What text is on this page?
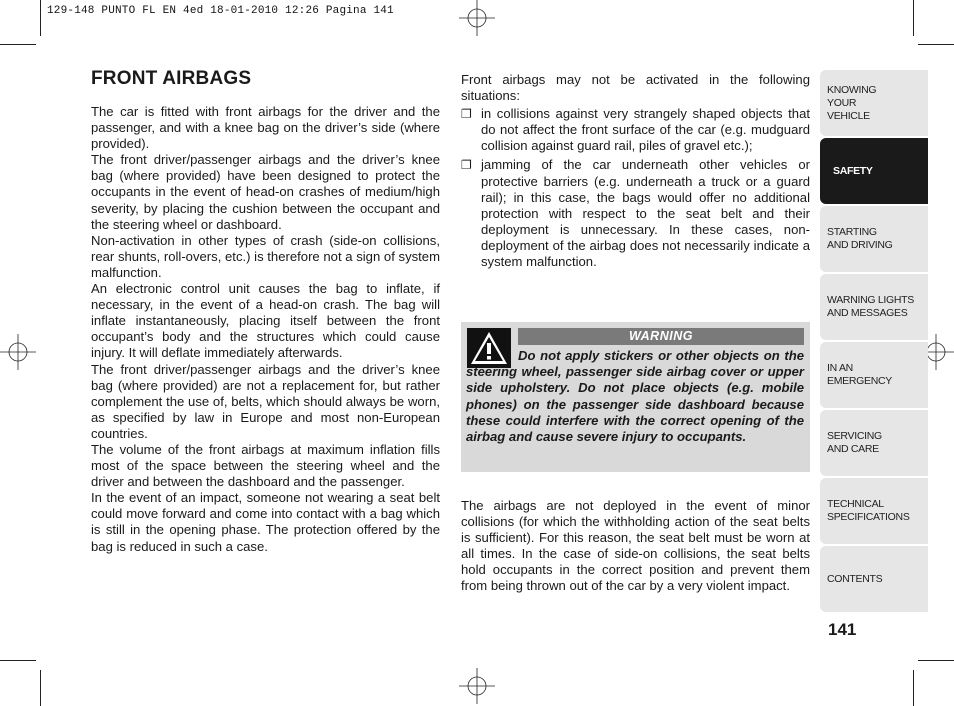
129-148 PUNTO FL EN 4ed 18-01-2010 12:26 Pagina 141
FRONT AIRBAGS

The car is fitted with front airbags for the driver and the passenger, and with a knee bag on the driver’s side (where provided).

The front driver/passenger airbags and the driver’s knee bag (where provided) have been designed to protect the occupants in the event of head-on crashes of medium/high severity, by placing the cushion between the occupant and the steering wheel or dashboard.

Non-activation in other types of crash (side-on collisions, rear shunts, roll-overs, etc.) is therefore not a sign of system malfunction.

An electronic control unit causes the bag to inflate, if necessary, in the event of a head-on crash. The bag will inflate instantaneously, placing itself between the front occupant’s body and the structures which could cause injury. It will deflate immediately afterwards.

The front driver/passenger airbags and the driver’s knee bag (where provided) are not a replacement for, but rather complement the use of, belts, which should always be worn, as specified by law in Europe and most non-European countries.

The volume of the front airbags at maximum inflation fills most of the space between the steering wheel and the driver and between the dashboard and the passenger.

In the event of an impact, someone not wearing a seat belt could move forward and come into contact with a bag which is still in the opening phase. The protection offered by the bag is reduced in such a case.

Front airbags may not be activated in the following situations:

❐ in collisions against very strangely shaped objects that do not affect the front surface of the car (e.g. mudguard collision against guard rail, piles of gravel etc.);
❐ jamming of the car underneath other vehicles or protective barriers (e.g. underneath a truck or a guard rail); in this case, the bags would offer no additional protection with respect to the seat belt and their deployment is unnecessary. In these cases, non-deployment of the airbag does not necessarily indicate a system malfunction.
WARNING
Do not apply stickers or other objects on the steering wheel, passenger side airbag cover or upper side upholstery. Do not place objects (e.g. mobile phones) on the passenger side dashboard because these could interfere with the correct opening of the airbag and cause severe injury to occupants.
The airbags are not deployed in the event of minor collisions (for which the withholding action of the seat belts is sufficient). For this reason, the seat belt must be worn at all times. In the case of side-on collisions, the seat belts hold occupants in the correct position and prevent them from being thrown out of the car by a very violent impact.
KNOWING
YOUR
VEHICLE
SAFETY
STARTING
AND DRIVING
WARNING LIGHTS
AND MESSAGES
IN AN
EMERGENCY
SERVICING
AND CARE
TECHNICAL
SPECIFICATIONS
CONTENTS
141
